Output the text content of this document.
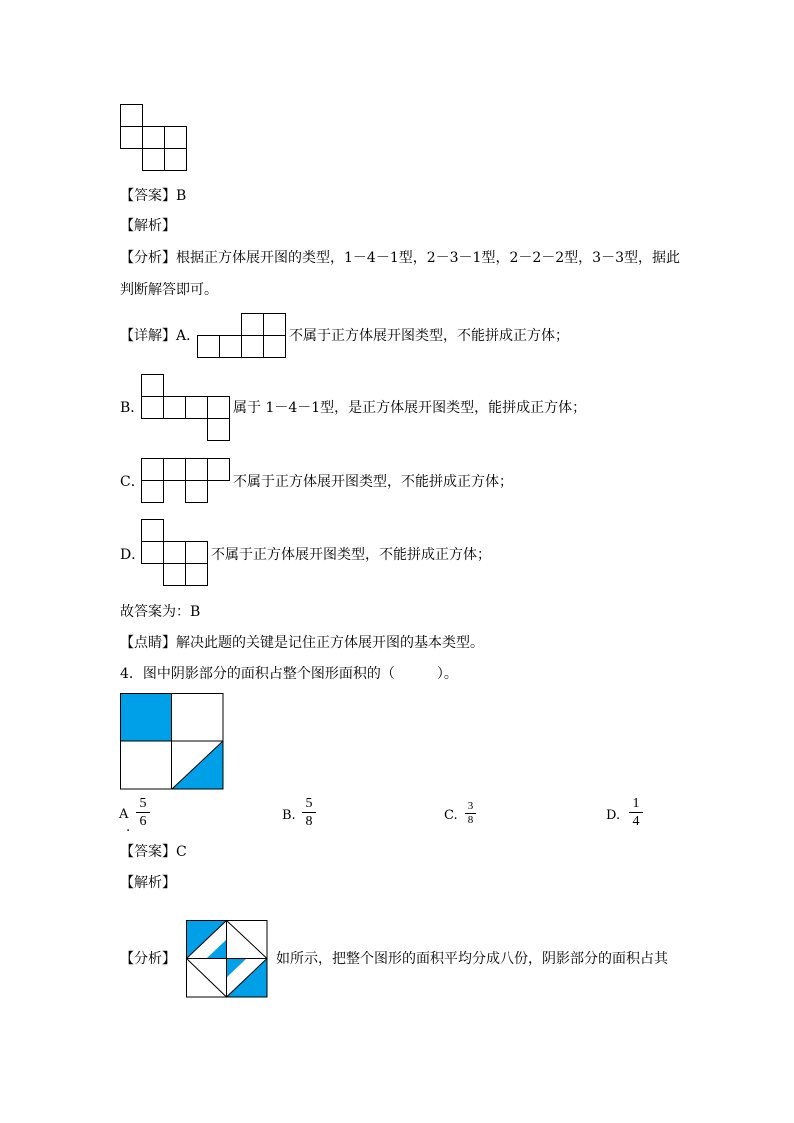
【答案】B
【解析】
【分析】根据正方体展开图的类型，1－4－1型，2－3－1型，2－2－2型，3－3型，据此
判断解答即可。
【详解】A．	不属于正方体展开图类型，不能拼成正方体；
B．	属于 1－4－1型，是正方体展开图类型，能拼成正方体；
C．	不属于正方体展开图类型，不能拼成正方体；
D．	不属于正方体展开图类型，不能拼成正方体；
故答案为：B
【点睛】解决此题的关键是记住正方体展开图的基本类型。
4．图中阴影部分的面积占整个图形面积的（　　　）。
A
.
5
6	B.
5
8	C.
3
8	D.
1
4
【答案】C
【解析】
【分析】	如所示，把整个图形的面积平均分成八份，阴影部分的面积占其
